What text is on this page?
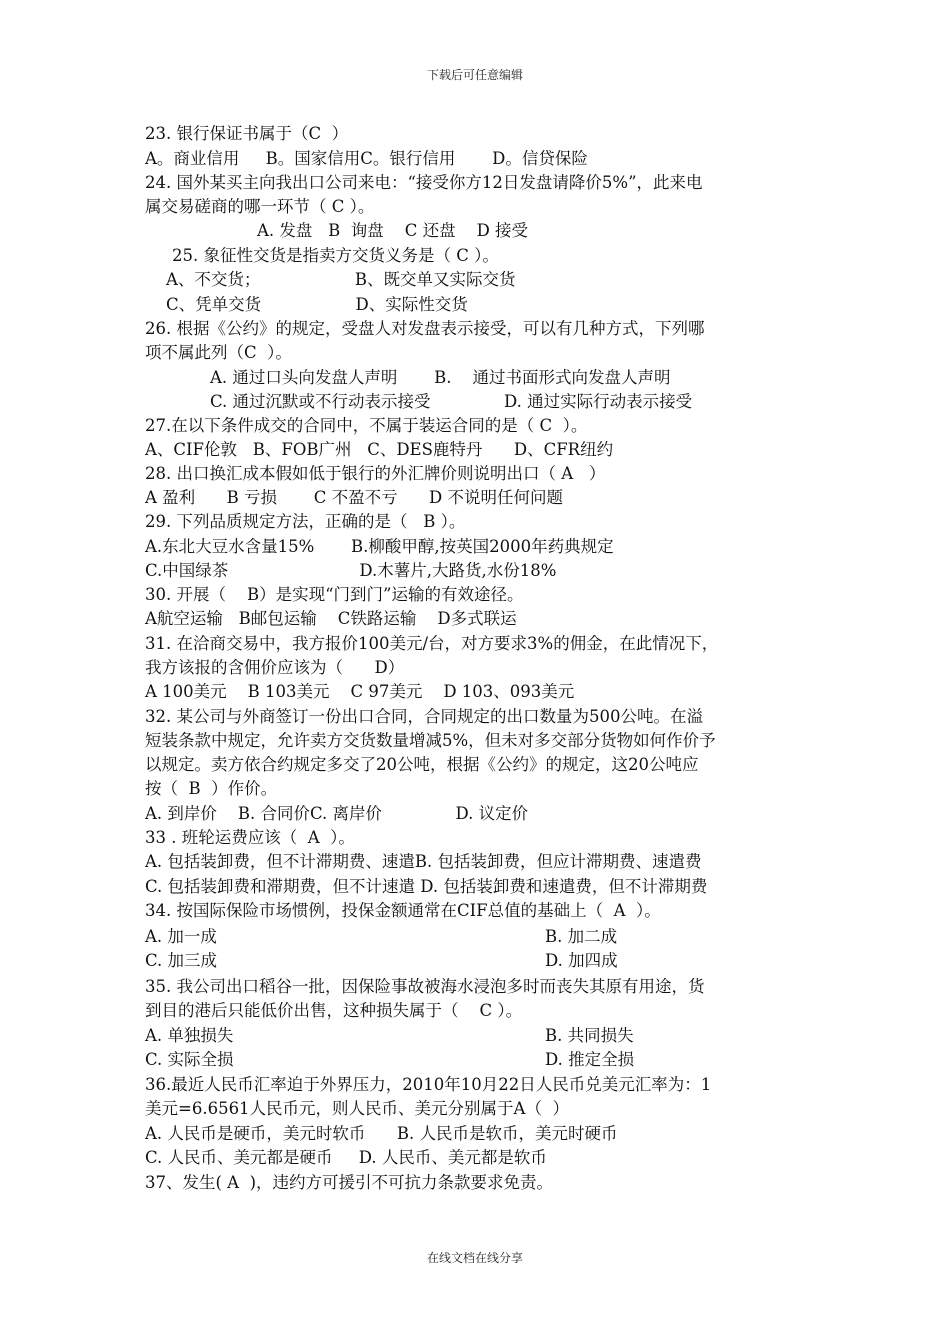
下载后可任意编辑
23. 银行保证书属于（C  ）
A。商业信用     B。国家信用C。银行信用       D。信贷保险
24. 国外某买主向我出口公司来电：“接受你方12日发盘请降价5%”，此来电
属交易磋商的哪一环节（ C ）。
A. 发盘   B  询盘    C 还盘    D 接受
25. 象征性交货是指卖方交货义务是（ C ）。
A、不交货；                  B、既交单又实际交货
C、凭单交货                  D、实际性交货
26. 根据《公约》的规定，受盘人对发盘表示接受，可以有几种方式，下列哪
项不属此列（C  ）。
A. 通过口头向发盘人声明       B.    通过书面形式向发盘人声明
C. 通过沉默或不行动表示接受              D. 通过实际行动表示接受
27.在以下条件成交的合同中，不属于装运合同的是（ C  ）。
A、CIF伦敦   B、FOB广州   C、DES鹿特丹      D、CFR纽约
28. 出口换汇成本假如低于银行的外汇牌价则说明出口（ A   ）
A 盈利      B 亏损       C 不盈不亏      D 不说明任何问题
29. 下列品质规定方法，正确的是（   B ）。
A.东北大豆水含量15%       B.柳酸甲醇,按英国2000年药典规定
C.中国绿茶                         D.木薯片,大路货,水份18%
30. 开展（    B）是实现“门到门”运输的有效途径。
A航空运输   B邮包运输    C铁路运输    D多式联运
31. 在洽商交易中，我方报价100美元/台，对方要求3%的佣金，在此情况下，
我方该报的含佣价应该为（      D）
A 100美元    B 103美元    C 97美元    D 103、093美元
32. 某公司与外商签订一份出口合同，合同规定的出口数量为500公吨。在溢
短装条款中规定，允许卖方交货数量增减5%，但未对多交部分货物如何作价予
以规定。卖方依合约规定多交了20公吨，根据《公约》的规定，这20公吨应
按（  B  ）作价。
A. 到岸价    B. 合同价C. 离岸价              D. 议定价
33 . 班轮运费应该（  A  ）。
A. 包括装卸费，但不计滞期费、速遣B. 包括装卸费，但应计滞期费、速遣费
C. 包括装卸费和滞期费，但不计速遣 D. 包括装卸费和速遣费，但不计滞期费
34. 按国际保险市场惯例，投保金额通常在CIF总值的基础上（  A  ）。
A. 加一成	B. 加二成
C. 加三成	D. 加四成
35. 我公司出口稻谷一批，因保险事故被海水浸泡多时而丧失其原有用途，货
到目的港后只能低价出售，这种损失属于（    C ）。
A. 单独损失	B. 共同损失
C. 实际全损	D. 推定全损
36.最近人民币汇率迫于外界压力，2010年10月22日人民币兑美元汇率为：1
美元=6.6561人民币元，则人民币、美元分别属于A（  ）
A. 人民币是硬币，美元时软币      B. 人民币是软币，美元时硬币
C. 人民币、美元都是硬币     D. 人民币、美元都是软币
37、发生( A  )，违约方可援引不可抗力条款要求免责。
在线文档在线分享
